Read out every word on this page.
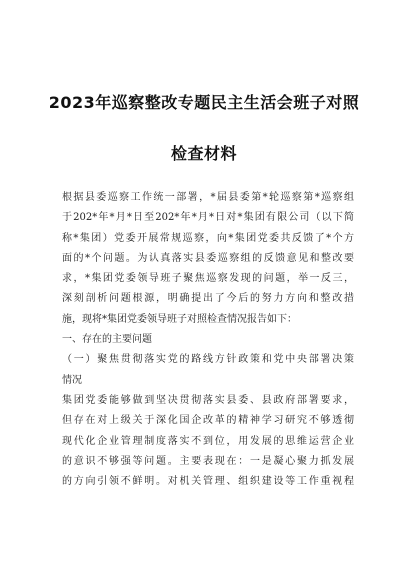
2023年巡察整改专题民主生活会班子对照
检查材料
根据县委巡察工作统一部署，*届县委第*轮巡察第*巡察组
于202*年*月*日至202*年*月*日对*集团有限公司（以下简
称*集团）党委开展常规巡察，向*集团党委共反馈了*个方
面的*个问题。为认真落实县委巡察组的反馈意见和整改要
求，*集团党委领导班子聚焦巡察发现的问题，举一反三，
深刻剖析问题根源，明确提出了今后的努力方向和整改措
施，现将*集团党委领导班子对照检查情况报告如下：
一、存在的主要问题
（一）聚焦贯彻落实党的路线方针政策和党中央部署决策
情况
集团党委能够做到坚决贯彻落实县委、县政府部署要求，
但存在对上级关于深化国企改革的精神学习研究不够透彻
现代化企业管理制度落实不到位，用发展的思维运营企业
的意识不够强等问题。主要表现在：一是凝心聚力抓发展
的方向引领不鲜明。对机关管理、组织建设等工作重视程
